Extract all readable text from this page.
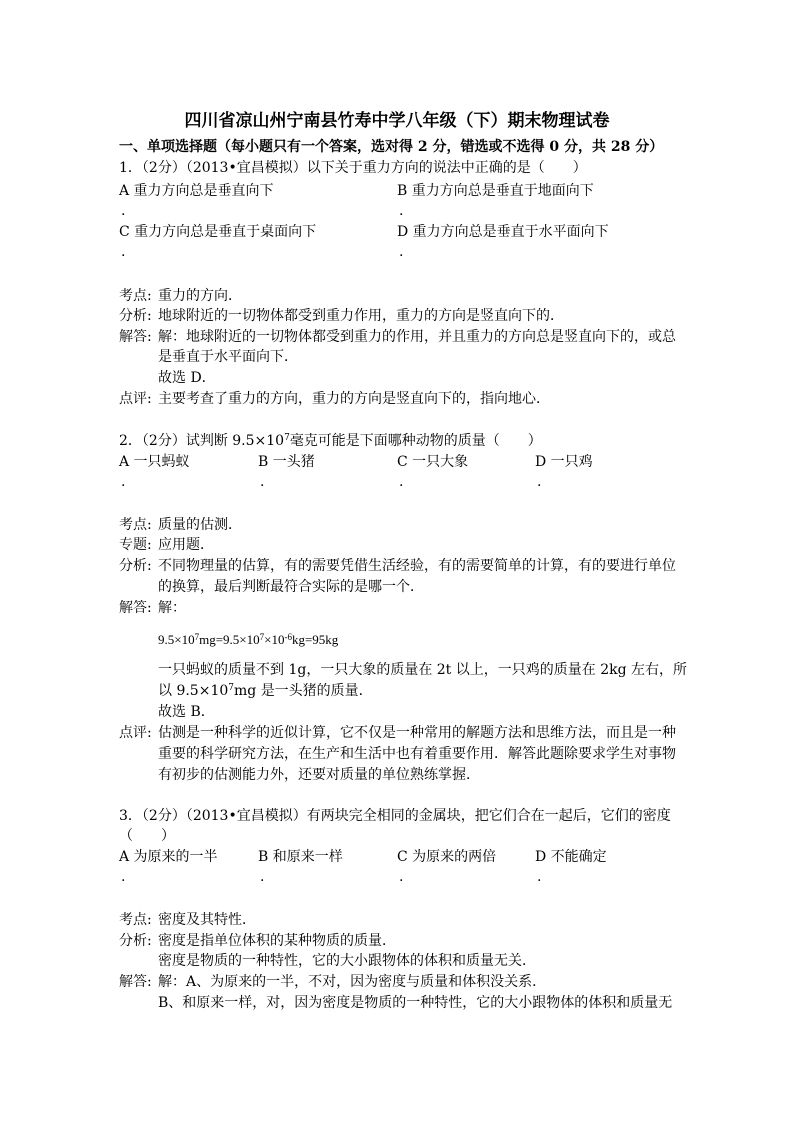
四川省凉山州宁南县竹寿中学八年级（下）期末物理试卷
一、单项选择题（每小题只有一个答案，选对得 2 分，错选或不选得 0 分，共 28 分）
1．（2分）（2013•宜昌模拟）以下关于重力方向的说法中正确的是（　　）
A 重力方向总是垂直向下	B 重力方向总是垂直于地面向下
.	.
C 重力方向总是垂直于桌面向下	D 重力方向总是垂直于水平面向下
.	.
考点: 重力的方向．
分析: 地球附近的一切物体都受到重力作用，重力的方向是竖直向下的．
解答: 解：地球附近的一切物体都受到重力的作用，并且重力的方向总是竖直向下的，或总
是垂直于水平面向下．
故选 D．
点评: 主要考查了重力的方向，重力的方向是竖直向下的，指向地心．
2．（2分）试判断 $9.5\times 10^7$毫克可能是下面哪种动物的质量（　　）
A 一只蚂蚁	B 一头猪	C 一只大象	D 一只鸡
.	.	.	.
考点: 质量的估测．
专题: 应用题．
分析: 不同物理量的估算，有的需要凭借生活经验，有的需要简单的计算，有的要进行单位
的换算，最后判断最符合实际的是哪一个．
解答: 解：
$9.5\times 10^7mg=9.5\times 10^7\times 10^{-6}kg=95kg$
一只蚂蚁的质量不到 1g，一只大象的质量在 2t 以上，一只鸡的质量在 2kg 左右，所
以 $9.5\times 10^7mg$ 是一头猪的质量．
故选 B．
点评: 估测是一种科学的近似计算，它不仅是一种常用的解题方法和思维方法，而且是一种
重要的科学研究方法，在生产和生活中也有着重要作用．解答此题除要求学生对事物
有初步的估测能力外，还要对质量的单位熟练掌握．
3．（2分）（2013•宜昌模拟）有两块完全相同的金属块，把它们合在一起后，它们的密度
（　　）
A 为原来的一半	B 和原来一样	C 为原来的两倍	D 不能确定
.	.	.	.
考点: 密度及其特性．
分析: 密度是指单位体积的某种物质的质量．
密度是物质的一种特性，它的大小跟物体的体积和质量无关．
解答: 解：A、为原来的一半，不对，因为密度与质量和体积没关系．
B、和原来一样，对，因为密度是物质的一种特性，它的大小跟物体的体积和质量无
